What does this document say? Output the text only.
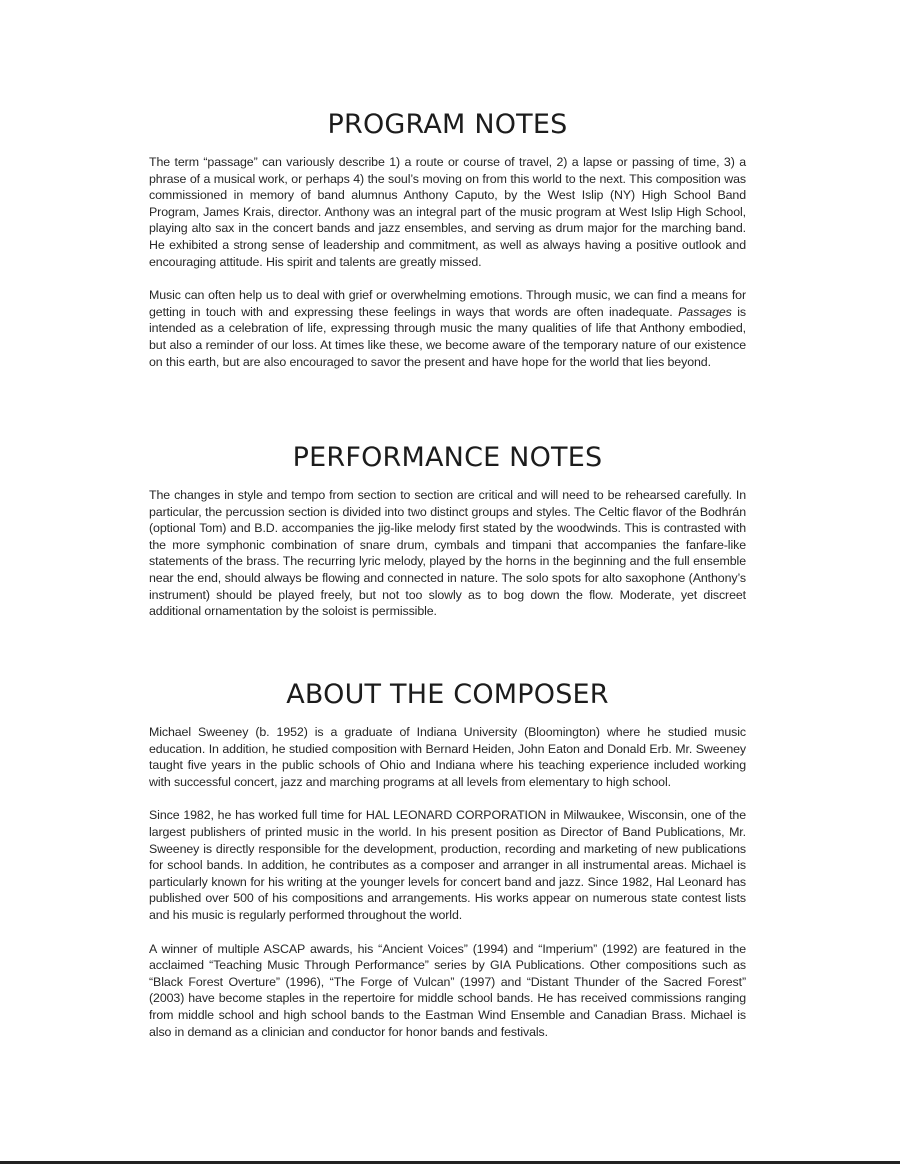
PROGRAM NOTES

The term “passage” can variously describe 1) a route or course of travel, 2) a lapse or passing of time, 3) a phrase of a musical work, or perhaps 4) the soul’s moving on from this world to the next. This composition was commissioned in memory of band alumnus Anthony Caputo, by the West Islip (NY) High School Band Program, James Krais, director. Anthony was an integral part of the music program at West Islip High School, playing alto sax in the concert bands and jazz ensembles, and serving as drum major for the marching band. He exhibited a strong sense of leadership and commitment, as well as always having a positive outlook and encouraging attitude. His spirit and talents are greatly missed.

Music can often help us to deal with grief or overwhelming emotions. Through music, we can find a means for getting in touch with and expressing these feelings in ways that words are often inadequate. Passages is intended as a celebration of life, expressing through music the many qualities of life that Anthony embodied, but also a reminder of our loss. At times like these, we become aware of the temporary nature of our existence on this earth, but are also encouraged to savor the present and have hope for the world that lies beyond.

PERFORMANCE NOTES

The changes in style and tempo from section to section are critical and will need to be rehearsed carefully. In particular, the percussion section is divided into two distinct groups and styles. The Celtic flavor of the Bodhrán (optional Tom) and B.D. accompanies the jig-like melody first stated by the woodwinds. This is contrasted with the more symphonic combination of snare drum, cymbals and timpani that accompanies the fanfare-like statements of the brass. The recurring lyric melody, played by the horns in the beginning and the full ensemble near the end, should always be flowing and connected in nature. The solo spots for alto saxophone (Anthony’s instrument) should be played freely, but not too slowly as to bog down the flow. Moderate, yet discreet additional ornamentation by the soloist is permissible.

ABOUT THE COMPOSER

Michael Sweeney (b. 1952) is a graduate of Indiana University (Bloomington) where he studied music education. In addition, he studied composition with Bernard Heiden, John Eaton and Donald Erb. Mr. Sweeney taught five years in the public schools of Ohio and Indiana where his teaching experience included working with successful concert, jazz and marching programs at all levels from elementary to high school.

Since 1982, he has worked full time for HAL LEONARD CORPORATION in Milwaukee, Wisconsin, one of the largest publishers of printed music in the world. In his present position as Director of Band Publications, Mr. Sweeney is directly responsible for the development, production, recording and marketing of new publications for school bands. In addition, he contributes as a composer and arranger in all instrumental areas. Michael is particularly known for his writing at the younger levels for concert band and jazz. Since 1982, Hal Leonard has published over 500 of his compositions and arrangements. His works appear on numerous state contest lists and his music is regularly performed throughout the world.

A winner of multiple ASCAP awards, his “Ancient Voices” (1994) and “Imperium” (1992) are featured in the acclaimed “Teaching Music Through Performance” series by GIA Publications. Other compositions such as “Black Forest Overture” (1996), “The Forge of Vulcan” (1997) and “Distant Thunder of the Sacred Forest” (2003) have become staples in the repertoire for middle school bands. He has received commissions ranging from middle school and high school bands to the Eastman Wind Ensemble and Canadian Brass. Michael is also in demand as a clinician and conductor for honor bands and festivals.
